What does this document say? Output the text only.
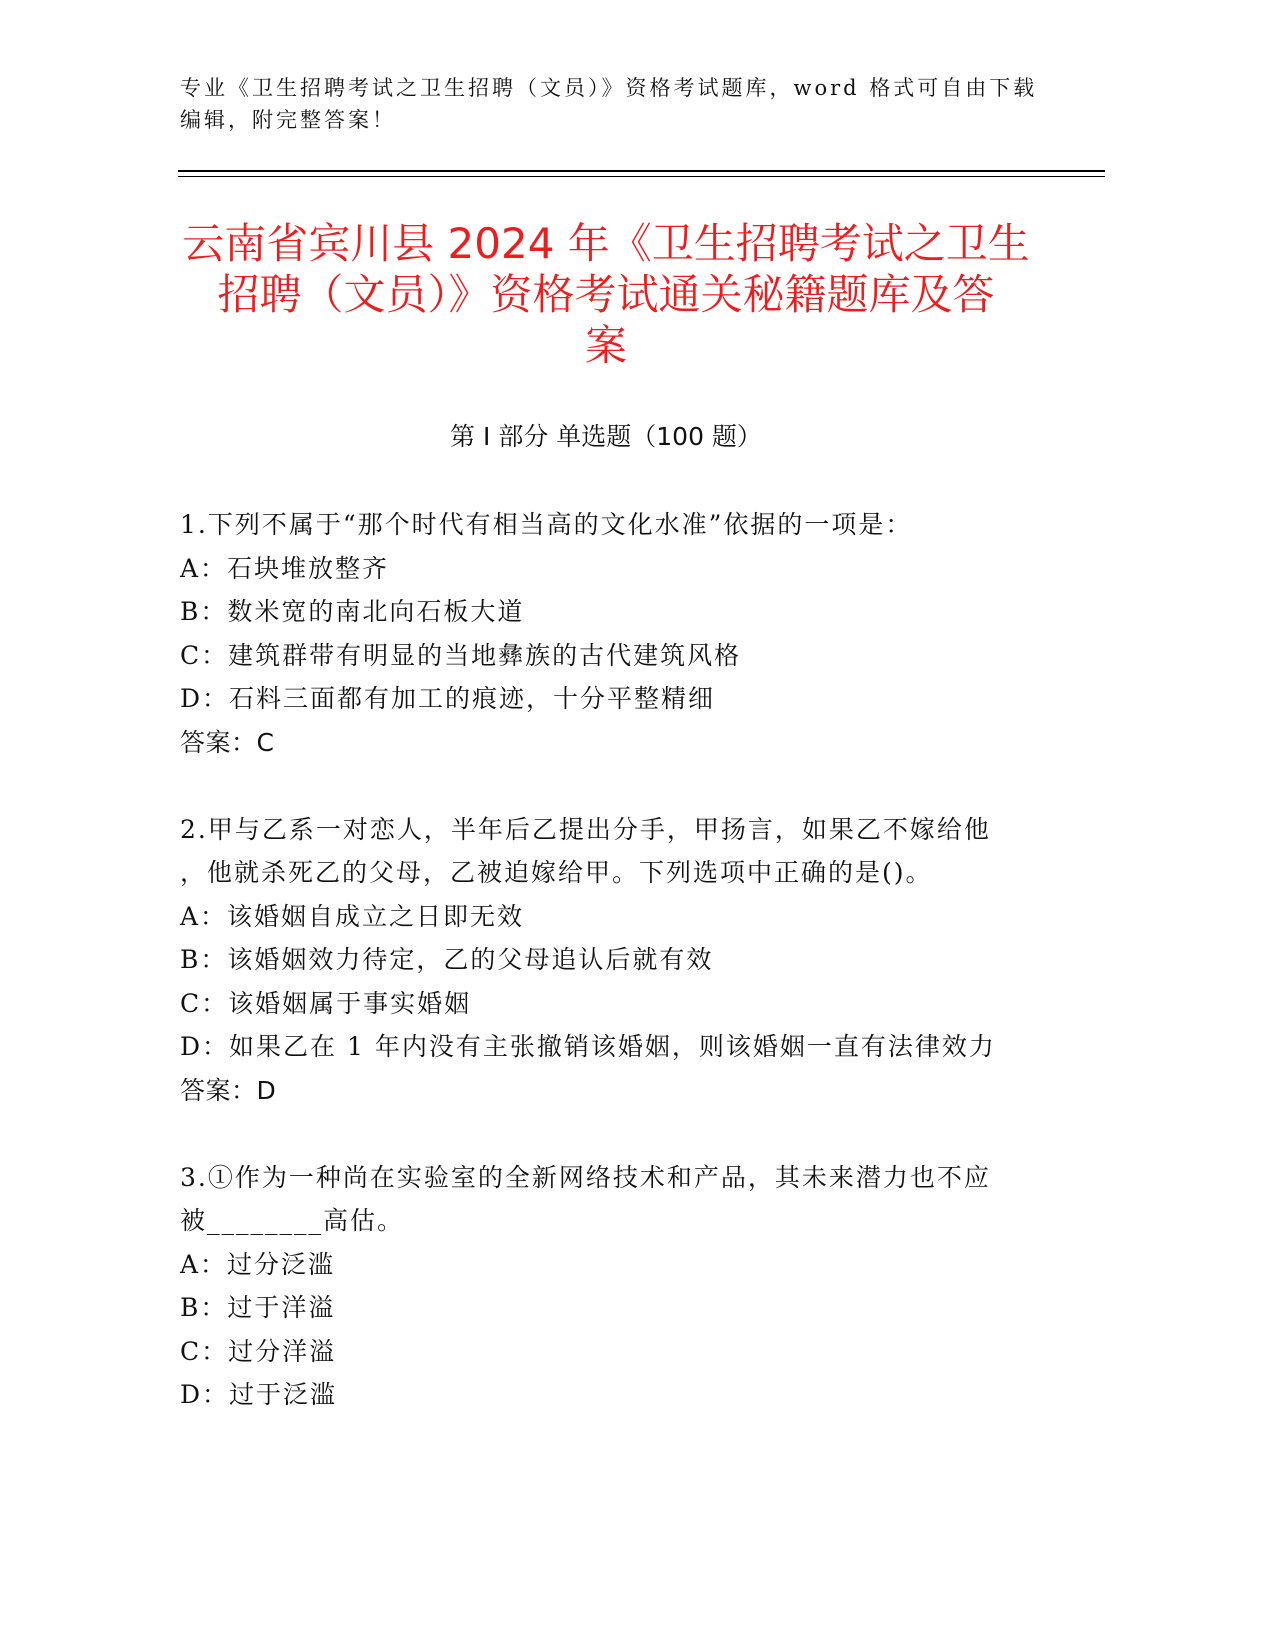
专业《卫生招聘考试之卫生招聘（文员）》资格考试题库，word 格式可自由下载
编辑，附完整答案！
云南省宾川县 2024 年《卫生招聘考试之卫生
招聘（文员）》资格考试通关秘籍题库及答
案
第 I 部分 单选题（100 题）
1.下列不属于“那个时代有相当高的文化水准”依据的一项是：
A：石块堆放整齐
B：数米宽的南北向石板大道
C：建筑群带有明显的当地彝族的古代建筑风格
D：石料三面都有加工的痕迹，十分平整精细
答案：C
2.甲与乙系一对恋人，半年后乙提出分手，甲扬言，如果乙不嫁给他
，他就杀死乙的父母，乙被迫嫁给甲。下列选项中正确的是()。
A：该婚姻自成立之日即无效
B：该婚姻效力待定，乙的父母追认后就有效
C：该婚姻属于事实婚姻
D：如果乙在 1 年内没有主张撤销该婚姻，则该婚姻一直有法律效力
答案：D
3.①作为一种尚在实验室的全新网络技术和产品，其未来潜力也不应
被________高估。
A：过分泛滥
B：过于洋溢
C：过分洋溢
D：过于泛滥
